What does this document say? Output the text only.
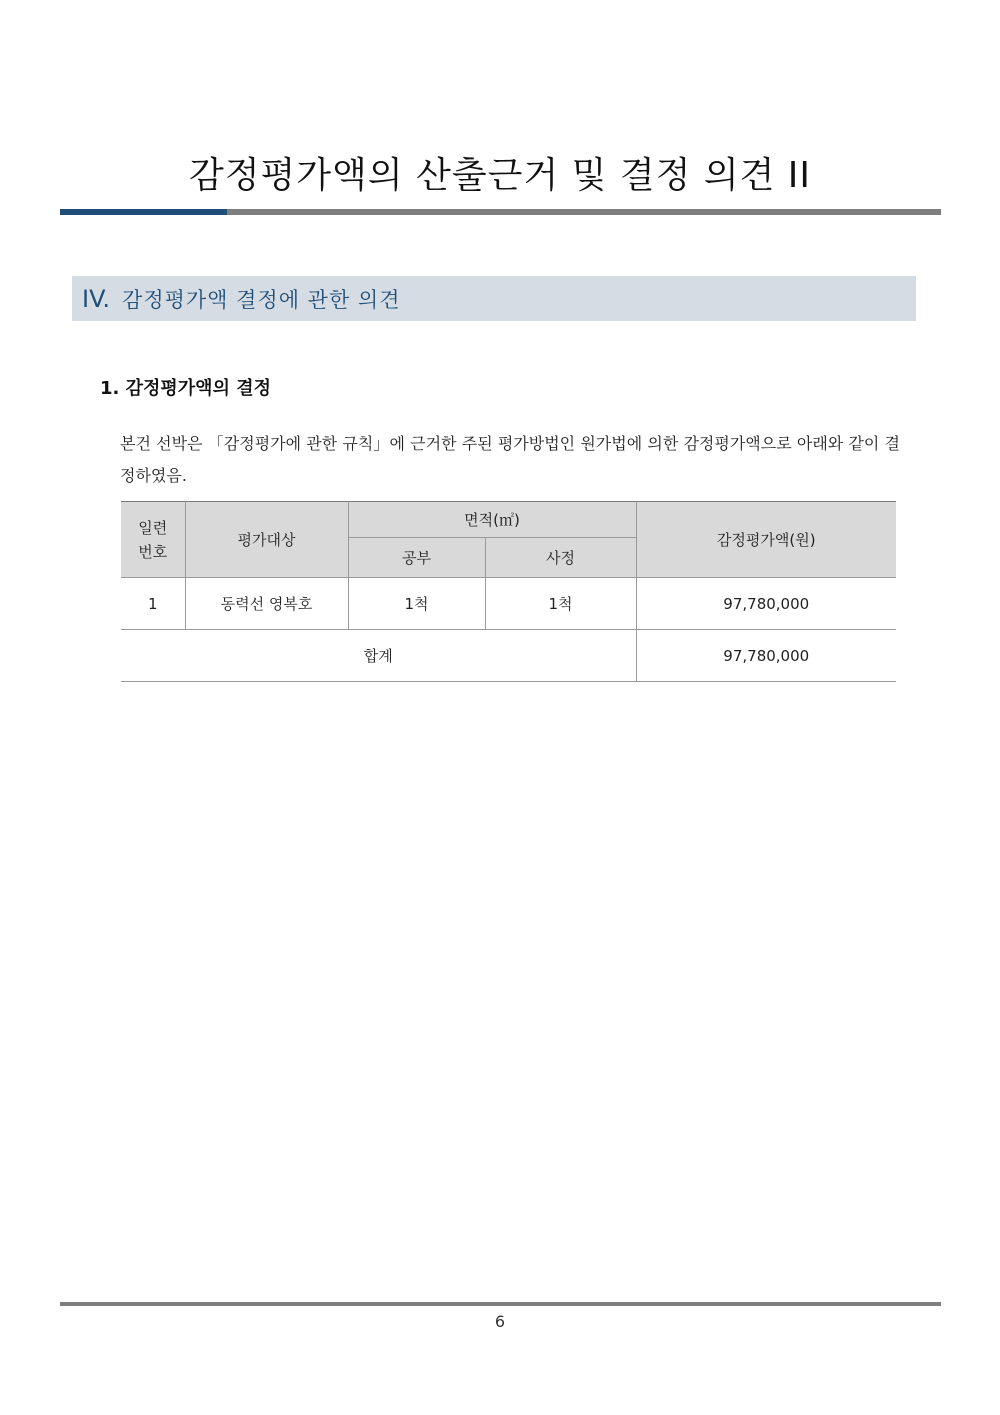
감정평가액의 산출근거 및 결정 의견 II
IV. 감정평가액 결정에 관한 의견
1. 감정평가액의 결정
본건 선박은 「감정평가에 관한 규칙」에 근거한 주된 평가방법인 원가법에 의한 감정평가액으로 아래와 같이 결정하였음.
일련
번호	평가대상	면적(㎡)		감정평가액(원)
		공부	사정	
1	동력선 영복호	1척	1척	97,780,000
합계				97,780,000
6
